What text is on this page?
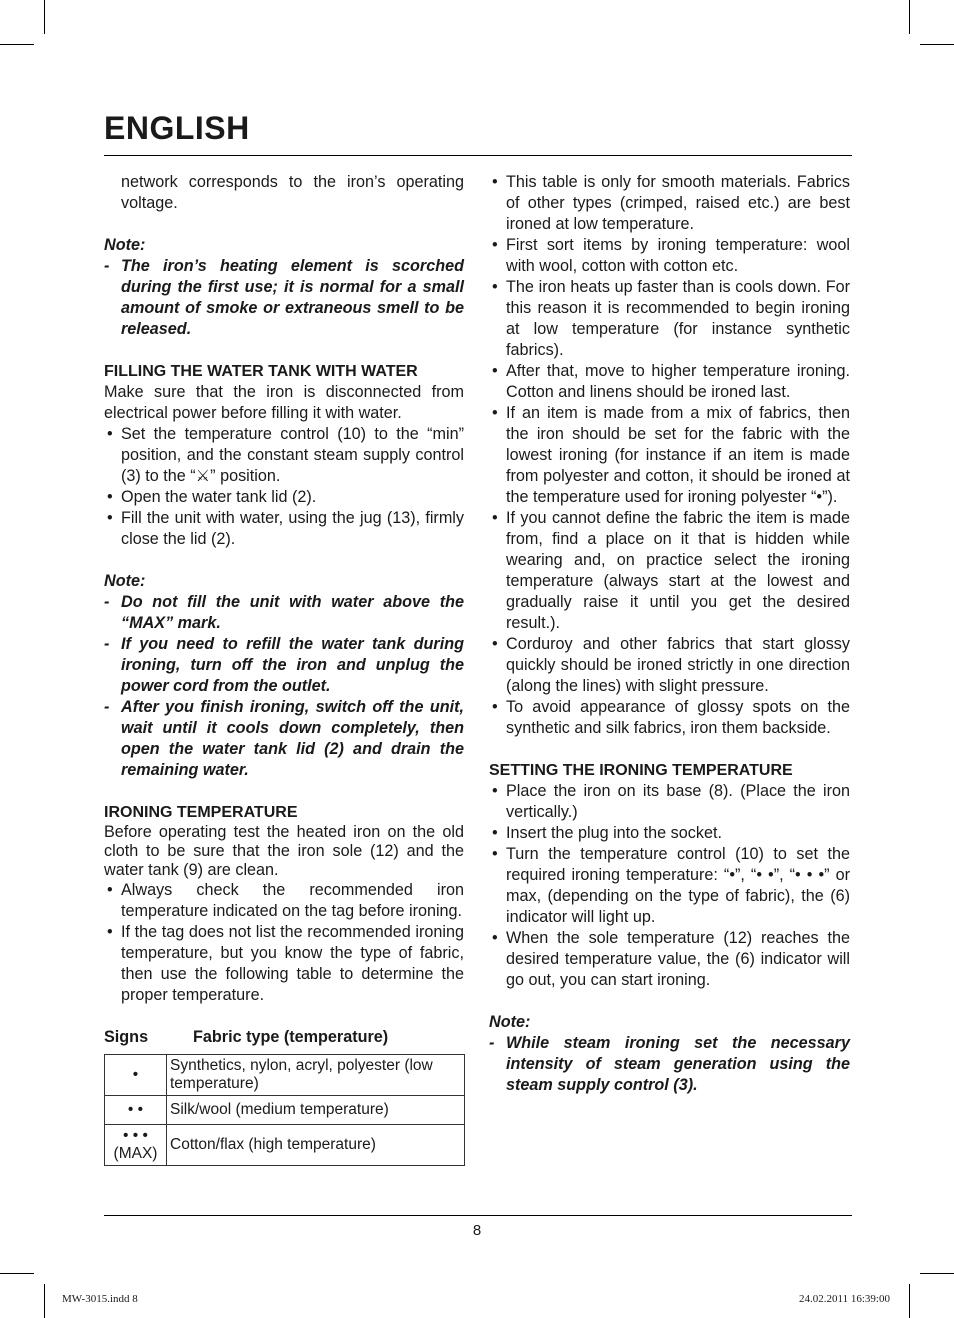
ENGLISH

network corresponds to the iron’s operating voltage.

Note:
- The iron’s heating element is scorched during the first use; it is normal for a small amount of smoke or extraneous smell to be released.
FILLING THE WATER TANK WITH WATER

Make sure that the iron is disconnected from electrical power before filling it with water.

• Set the temperature control (10) to the “min” position, and the constant steam supply control (3) to the “⚔” position.
• Open the water tank lid (2).
• Fill the unit with water, using the jug (13), firmly close the lid (2).
Note:
- Do not fill the unit with water above the “MAX” mark.
- If you need to refill the water tank during ironing, turn off the iron and unplug the power cord from the outlet.
- After you finish ironing, switch off the unit, wait until it cools down completely, then open the water tank lid (2) and drain the remaining water.
IRONING TEMPERATURE

Before operating test the heated iron on the old cloth to be sure that the iron sole (12) and the water tank (9) are clean.

• Always check the recommended iron temperature indicated on the tag before ironing.
• If the tag does not list the recommended ironing temperature, but you know the type of fabric, then use the following table to determine the proper temperature.
Signs	Fabric type (temperature)
•	Synthetics, nylon, acryl, polyester (low temperature)
• •	Silk/wool (medium temperature)

• • •
(MAX)	Cotton/flax (high temperature)
• This table is only for smooth materials. Fabrics of other types (crimped, raised etc.) are best ironed at low temperature.
• First sort items by ironing temperature: wool with wool, cotton with cotton etc.
• The iron heats up faster than is cools down. For this reason it is recommended to begin ironing at low temperature (for instance synthetic fabrics).
• After that, move to higher temperature ironing. Cotton and linens should be ironed last.
• If an item is made from a mix of fabrics, then the iron should be set for the fabric with the lowest ironing (for instance if an item is made from polyester and cotton, it should be ironed at the temperature used for ironing polyester “•”).
• If you cannot define the fabric the item is made from, find a place on it that is hidden while wearing and, on practice select the ironing temperature (always start at the lowest and gradually raise it until you get the desired result.).
• Corduroy and other fabrics that start glossy quickly should be ironed strictly in one direction (along the lines) with slight pressure.
• To avoid appearance of glossy spots on the synthetic and silk fabrics, iron them backside.
SETTING THE IRONING TEMPERATURE
• Place the iron on its base (8). (Place the iron vertically.)
• Insert the plug into the socket.
• Turn the temperature control (10) to set the required ironing temperature: “•”, “• •”, “• • •” or max, (depending on the type of fabric), the (6) indicator will light up.
• When the sole temperature (12) reaches the desired temperature value, the (6) indicator will go out, you can start ironing.
Note:
- While steam ironing set the necessary intensity of steam generation using the steam supply control (3).
8
MW-3015.indd 8	24.02.2011 16:39:00
